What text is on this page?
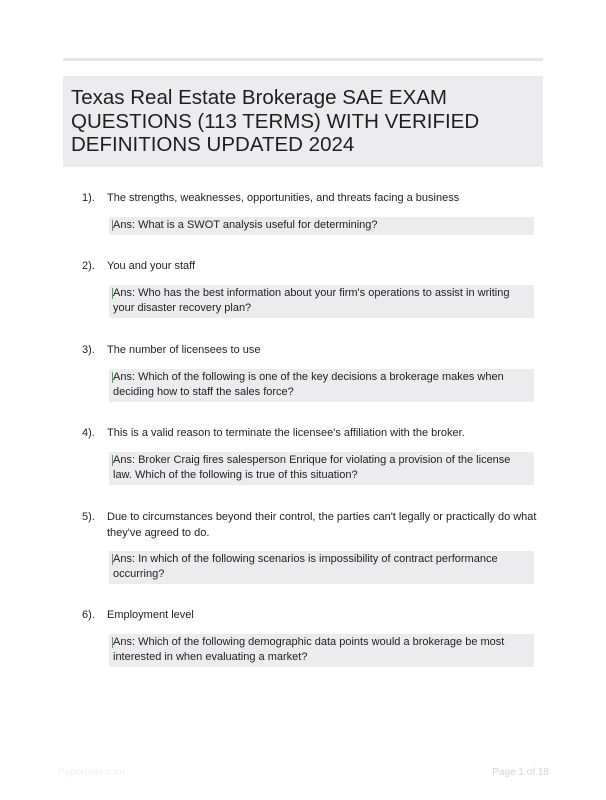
Texas Real Estate Brokerage SAE EXAM QUESTIONS (113 TERMS) WITH VERIFIED DEFINITIONS UPDATED 2024
1). The strengths, weaknesses, opportunities, and threats facing a business
Ans: What is a SWOT analysis useful for determining?
2). You and your staff
Ans: Who has the best information about your firm's operations to assist in writing your disaster recovery plan?
3). The number of licensees to use
Ans: Which of the following is one of the key decisions a brokerage makes when deciding how to staff the sales force?
4). This is a valid reason to terminate the licensee's affiliation with the broker.
Ans: Broker Craig fires salesperson Enrique for violating a provision of the license law. Which of the following is true of this situation?
5). Due to circumstances beyond their control, the parties can't legally or practically do what they've agreed to do.
Ans: In which of the following scenarios is impossibility of contract performance occurring?
6). Employment level
Ans: Which of the following demographic data points would a brokerage be most interested in when evaluating a market?
Paperfolio.com	Page 1 of 18
